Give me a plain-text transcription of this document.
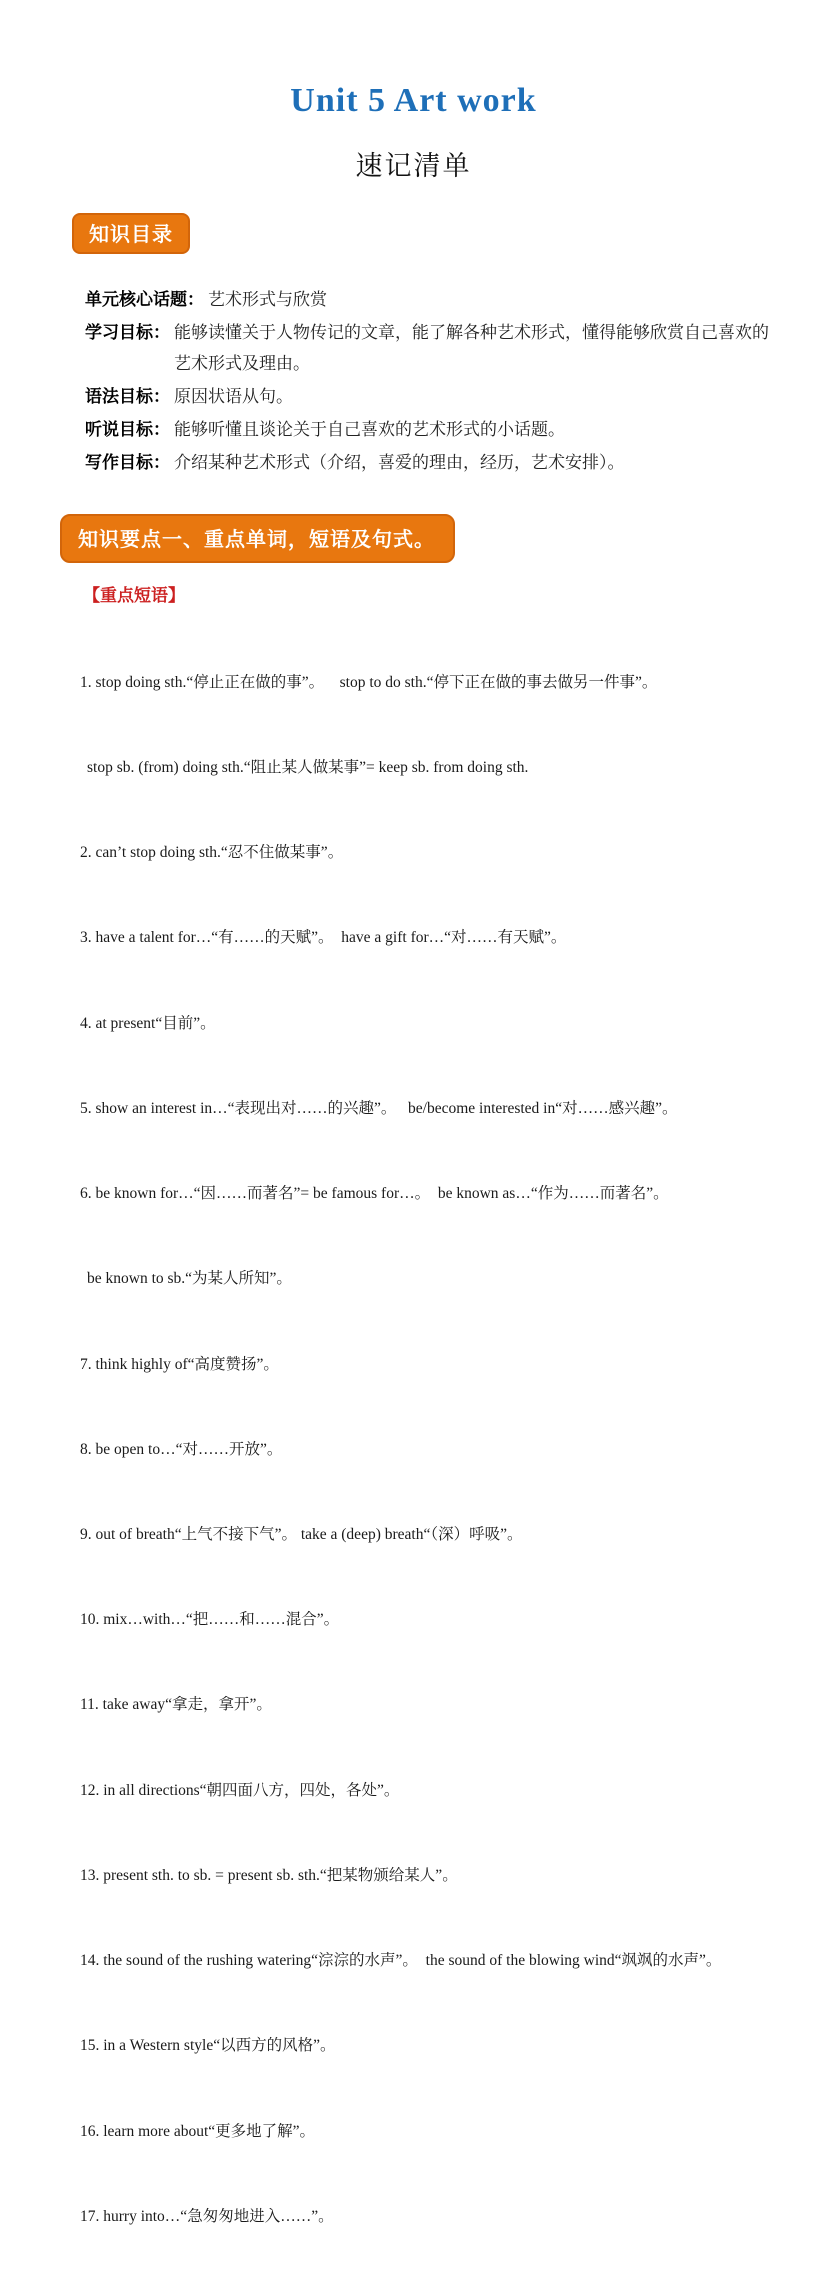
Unit 5 Art work
速记清单
知识目录
单元核心话题： 艺术形式与欣赏
学习目标： 能够读懂关于人物传记的文章，能了解各种艺术形式，懂得能够欣赏自己喜欢的艺术形式及理由。
语法目标： 原因状语从句。
听说目标： 能够听懂且谈论关于自己喜欢的艺术形式的小话题。
写作目标： 介绍某种艺术形式（介绍，喜爱的理由，经历，艺术安排）。
知识要点一、重点单词，短语及句式。
【重点短语】

1. stop doing sth.“停止正在做的事”。    stop to do sth.“停下正在做的事去做另一件事”。

stop sb. (from) doing sth.“阻止某人做某事”= keep sb. from doing sth.

2. can’t stop doing sth.“忍不住做某事”。

3. have a talent for…“有……的天赋”。  have a gift for…“对……有天赋”。

4. at present“目前”。

5. show an interest in…“表现出对……的兴趣”。   be/become interested in“对……感兴趣”。

6. be known for…“因……而著名”= be famous for…。  be known as…“作为……而著名”。

be known to sb.“为某人所知”。

7. think highly of“高度赞扬”。

8. be open to…“对……开放”。

9. out of breath“上气不接下气”。 take a (deep) breath“（深）呼吸”。

10. mix…with…“把……和……混合”。

11. take away“拿走，拿开”。

12. in all directions“朝四面八方，四处，各处”。

13. present sth. to sb. = present sb. sth.“把某物颁给某人”。

14. the sound of the rushing watering“淙淙的水声”。  the sound of the blowing wind“飒飒的水声”。

15. in a Western style“以西方的风格”。

16. learn more about“更多地了解”。

17. hurry into…“急匆匆地进入……”。
